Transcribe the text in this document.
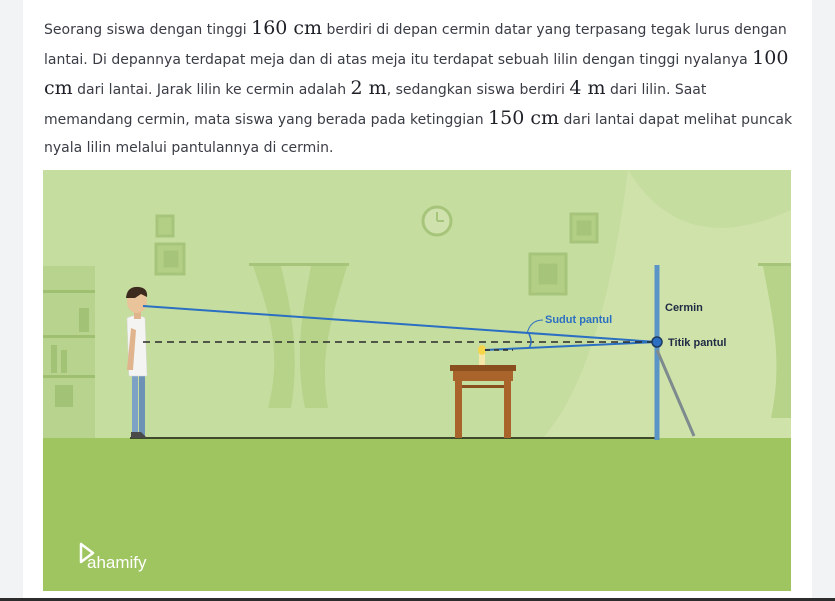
Seorang siswa dengan tinggi 160 cm berdiri di depan cermin datar yang terpasang tegak lurus dengan lantai. Di depannya terdapat meja dan di atas meja itu terdapat sebuah lilin dengan tinggi nyalanya 100 cm dari lantai. Jarak lilin ke cermin adalah 2 m, sedangkan siswa berdiri 4 m dari lilin. Saat memandang cermin, mata siswa yang berada pada ketinggian 150 cm dari lantai dapat melihat puncak nyala lilin melalui pantulannya di cermin.

Sudut pantul
Cermin
Titik pantul
ahamify
